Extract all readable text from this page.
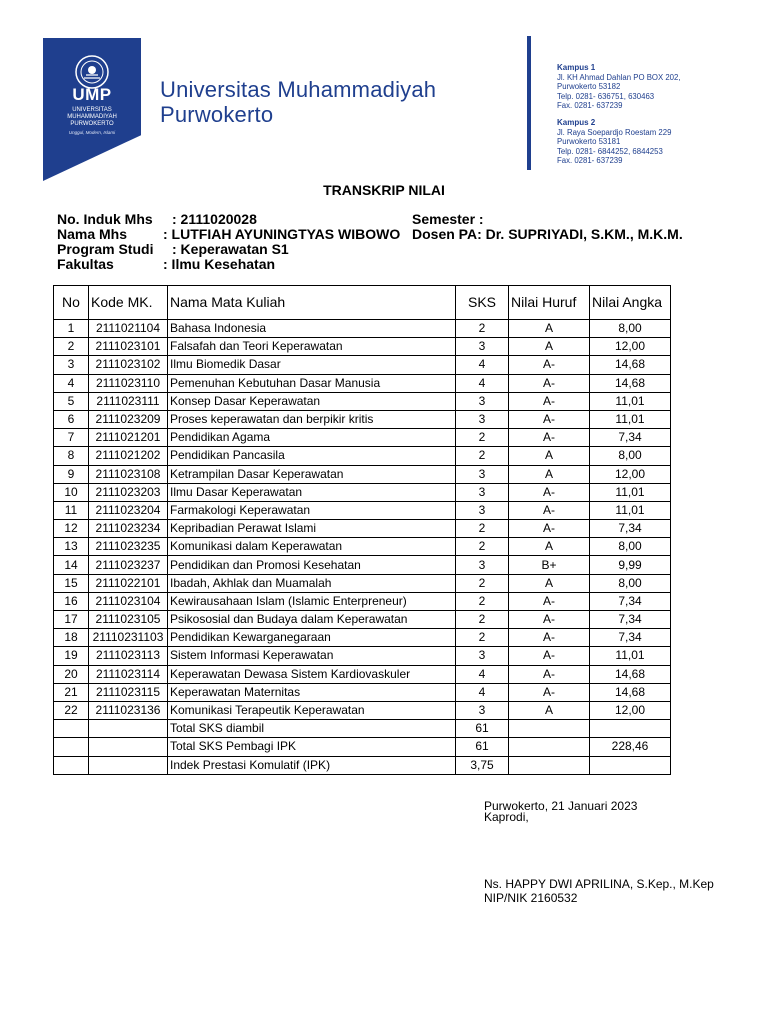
UMP
UNIVERSITAS
MUHAMMADIYAH
PURWOKERTO
Unggul, Modern, Islami
Universitas Muhammadiyah
Purwokerto
Kampus 1
Jl. KH Ahmad Dahlan PO BOX 202,
Purwokerto 53182
Telp. 0281- 636751, 630463
Fax. 0281- 637239
Kampus 2
Jl. Raya Soepardjo Roestam 229
Purwokerto 53181
Telp. 0281- 6844252, 6844253
Fax. 0281- 637239
TRANSKRIP NILAI
No. Induk Mhs : 2111020028	Semester :
Nama Mhs	: LUTFIAH AYUNINGTYAS WIBOWO Dosen PA: Dr. SUPRIYADI, S.KM., M.K.M.
Program Studi : Keperawatan S1
Fakultas	: Ilmu Kesehatan
No	Kode MK.	Nama Mata Kuliah	SKS	Nilai Huruf	Nilai Angka
1	2111021104	Bahasa Indonesia	2	A	8,00
2	2111023101	Falsafah dan Teori Keperawatan	3	A	12,00
3	2111023102	Ilmu Biomedik Dasar	4	A-	14,68
4	2111023110	Pemenuhan Kebutuhan Dasar Manusia	4	A-	14,68
5	2111023111	Konsep Dasar Keperawatan	3	A-	11,01
6	2111023209	Proses keperawatan dan berpikir kritis	3	A-	11,01
7	2111021201	Pendidikan Agama	2	A-	7,34
8	2111021202	Pendidikan Pancasila	2	A	8,00
9	2111023108	Ketrampilan Dasar Keperawatan	3	A	12,00
10	2111023203	Ilmu Dasar Keperawatan	3	A-	11,01
11	2111023204	Farmakologi Keperawatan	3	A-	11,01
12	2111023234	Kepribadian Perawat Islami	2	A-	7,34
13	2111023235	Komunikasi dalam Keperawatan	2	A	8,00
14	2111023237	Pendidikan dan Promosi Kesehatan	3	B+	9,99
15	2111022101	Ibadah, Akhlak dan Muamalah	2	A	8,00
16	2111023104	Kewirausahaan Islam (Islamic Enterpreneur)	2	A-	7,34
17	2111023105	Psikososial dan Budaya dalam Keperawatan	2	A-	7,34
18	21110231103	Pendidikan Kewarganegaraan	2	A-	7,34
19	2111023113	Sistem Informasi Keperawatan	3	A-	11,01
20	2111023114	Keperawatan Dewasa Sistem Kardiovaskuler	4	A-	14,68
21	2111023115	Keperawatan Maternitas	4	A-	14,68
22	2111023136	Komunikasi Terapeutik Keperawatan	3	A	12,00
		Total SKS diambil	61		
		Total SKS Pembagi IPK	61		228,46
		Indek Prestasi Komulatif (IPK)	3,75		
Purwokerto, 21 Januari 2023
Kaprodi,
Ns. HAPPY DWI APRILINA, S.Kep., M.Kep
NIP/NIK 2160532
